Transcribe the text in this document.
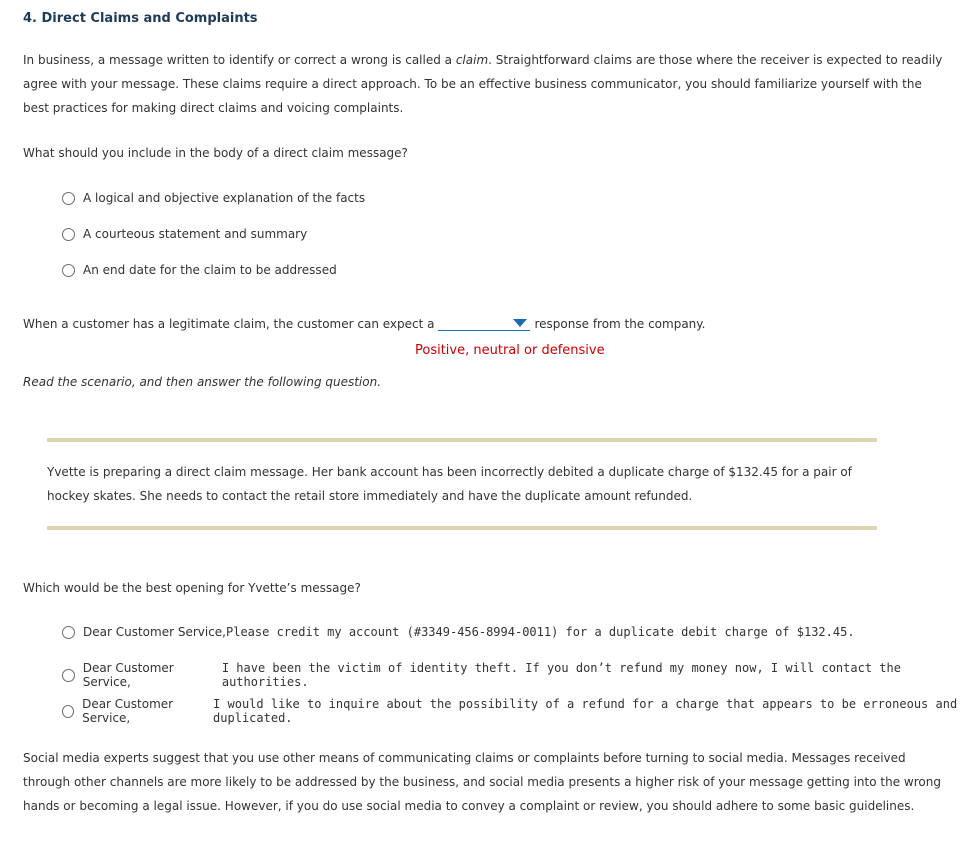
4. Direct Claims and Complaints
In business, a message written to identify or correct a wrong is called a claim. Straightforward claims are those where the receiver is expected to readily agree with your message. These claims require a direct approach. To be an effective business communicator, you should familiarize yourself with the best practices for making direct claims and voicing complaints.
What should you include in the body of a direct claim message?
A logical and objective explanation of the facts
A courteous statement and summary
An end date for the claim to be addressed
When a customer has a legitimate claim, the customer can expect a	response from the company.
Positive, neutral or defensive
Read the scenario, and then answer the following question.
Yvette is preparing a direct claim message. Her bank account has been incorrectly debited a duplicate charge of $132.45 for a pair of hockey skates. She needs to contact the retail store immediately and have the duplicate amount refunded.
Which would be the best opening for Yvette’s message?
Dear Customer Service, Please credit my account (#3349-456-8994-0011) for a duplicate debit charge of $132.45.
Dear Customer Service,
I have been the victim of identity theft. If you don’t refund my money now, I will contact the authorities.
Dear Customer Service,
I would like to inquire about the possibility of a refund for a charge that appears to be erroneous and duplicated.
Social media experts suggest that you use other means of communicating claims or complaints before turning to social media. Messages received through other channels are more likely to be addressed by the business, and social media presents a higher risk of your message getting into the wrong hands or becoming a legal issue. However, if you do use social media to convey a complaint or review, you should adhere to some basic guidelines.
